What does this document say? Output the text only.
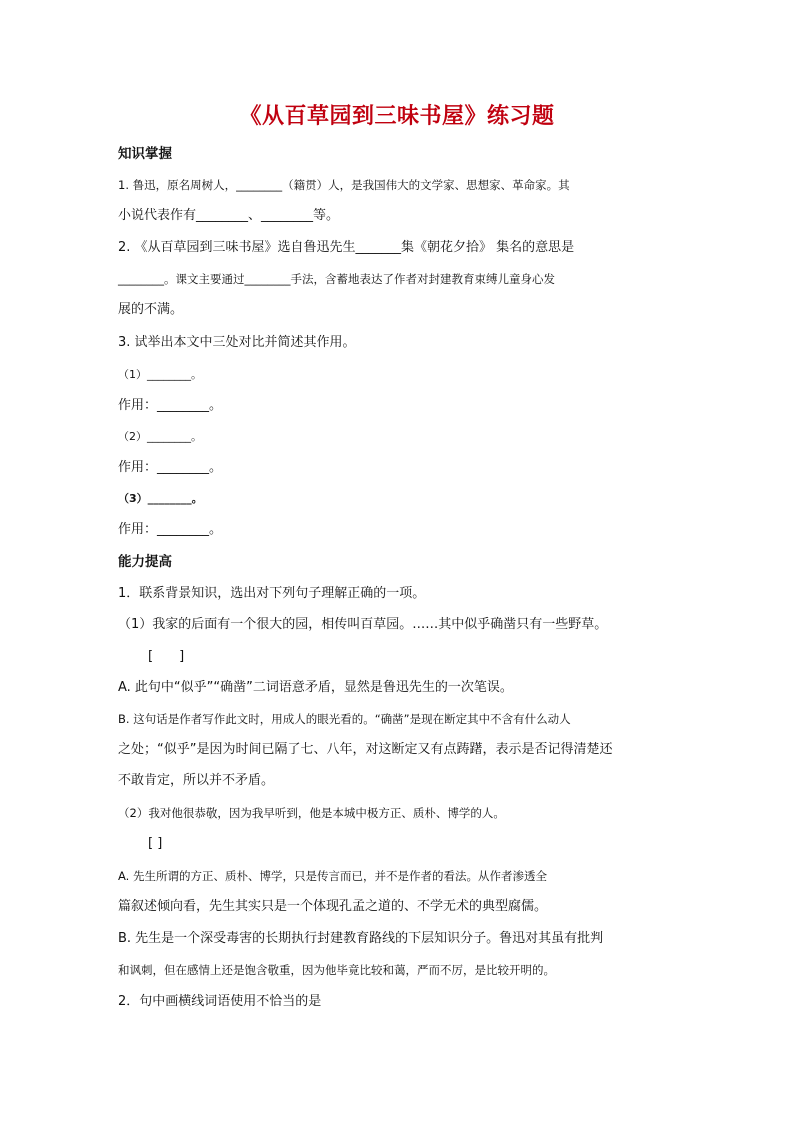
《从百草园到三味书屋》练习题
知识掌握
1. 鲁迅，原名周树人，________（籍贯）人，是我国伟大的文学家、思想家、革命家。其
小说代表作有________、________等。
2. 《从百草园到三味书屋》选自鲁迅先生_______集《朝花夕拾》 集名的意思是
________。课文主要通过________手法，含蓄地表达了作者对封建教育束缚儿童身心发
展的不满。
3. 试举出本文中三处对比并简述其作用。
（1）________。
作用：________。
（2）________。
作用：________。
（3）________。
作用：________。
能力提高
1．联系背景知识，选出对下列句子理解正确的一项。
（1）我家的后面有一个很大的园，相传叫百草园。……其中似乎确凿只有一些野草。
[　　]
A. 此句中“似乎”“确凿”二词语意矛盾，显然是鲁迅先生的一次笔误。
B. 这句话是作者写作此文时，用成人的眼光看的。“确凿”是现在断定其中不含有什么动人
之处；“似乎”是因为时间已隔了七、八年，对这断定又有点踌躇，表示是否记得清楚还
不敢肯定，所以并不矛盾。
（2）我对他很恭敬，因为我早听到，他是本城中极方正、质朴、博学的人。
[ ]
A. 先生所谓的方正、质朴、博学，只是传言而已，并不是作者的看法。从作者渗透全
篇叙述倾向看，先生其实只是一个体现孔孟之道的、不学无术的典型腐儒。
B. 先生是一个深受毒害的长期执行封建教育路线的下层知识分子。鲁迅对其虽有批判
和讽刺，但在感情上还是饱含敬重，因为他毕竟比较和蔼，严而不厉，是比较开明的。
2．句中画横线词语使用不恰当的是
